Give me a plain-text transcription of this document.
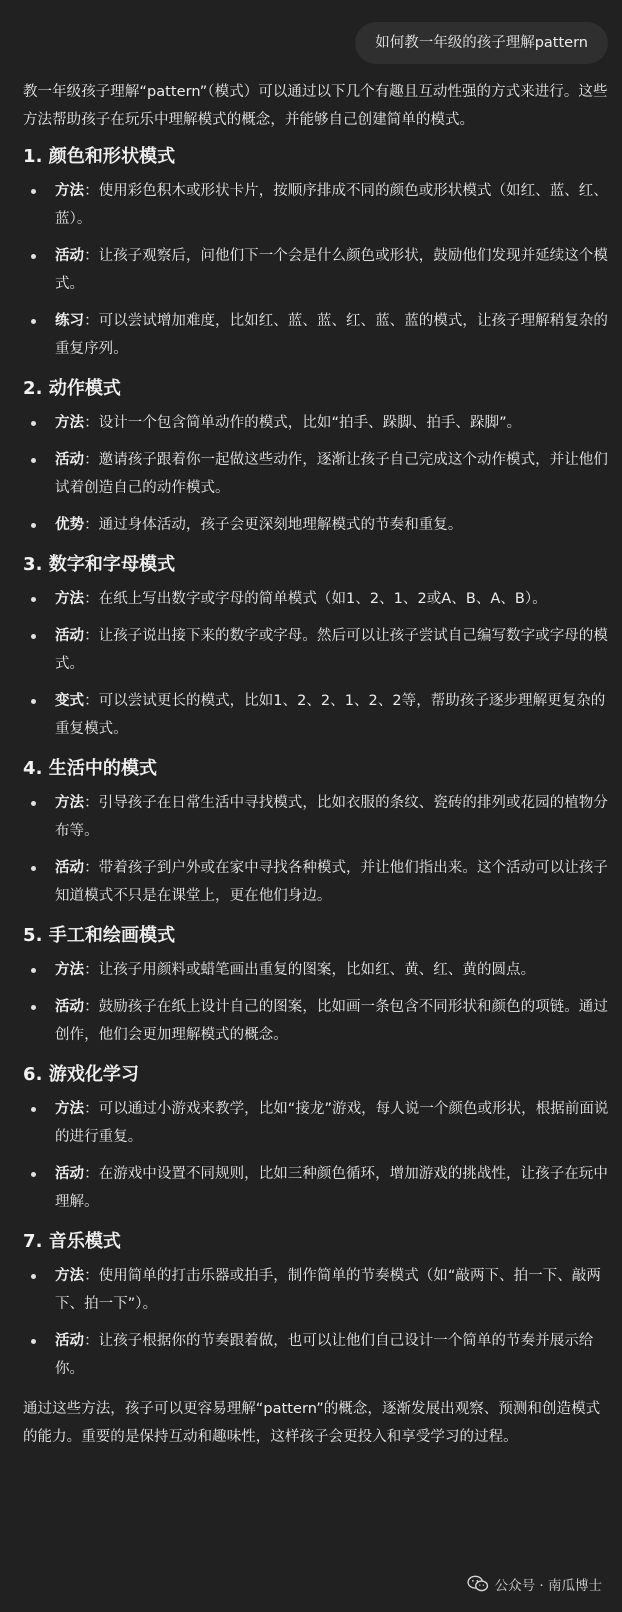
如何教一年级的孩子理解pattern

教一年级孩子理解“pattern”（模式）可以通过以下几个有趣且互动性强的方式来进行。这些方法帮助孩子在玩乐中理解模式的概念，并能够自己创建简单的模式。

1. 颜色和形状模式
方法：使用彩色积木或形状卡片，按顺序排成不同的颜色或形状模式（如红、蓝、红、蓝）。
活动：让孩子观察后，问他们下一个会是什么颜色或形状，鼓励他们发现并延续这个模式。
练习：可以尝试增加难度，比如红、蓝、蓝、红、蓝、蓝的模式，让孩子理解稍复杂的重复序列。
2. 动作模式
方法：设计一个包含简单动作的模式，比如“拍手、跺脚、拍手、跺脚”。
活动：邀请孩子跟着你一起做这些动作，逐渐让孩子自己完成这个动作模式，并让他们试着创造自己的动作模式。
优势：通过身体活动，孩子会更深刻地理解模式的节奏和重复。
3. 数字和字母模式
方法：在纸上写出数字或字母的简单模式（如1、2、1、2或A、B、A、B）。
活动：让孩子说出接下来的数字或字母。然后可以让孩子尝试自己编写数字或字母的模式。
变式：可以尝试更长的模式，比如1、2、2、1、2、2等，帮助孩子逐步理解更复杂的重复模式。
4. 生活中的模式
方法：引导孩子在日常生活中寻找模式，比如衣服的条纹、瓷砖的排列或花园的植物分布等。
活动：带着孩子到户外或在家中寻找各种模式，并让他们指出来。这个活动可以让孩子知道模式不只是在课堂上，更在他们身边。
5. 手工和绘画模式
方法：让孩子用颜料或蜡笔画出重复的图案，比如红、黄、红、黄的圆点。
活动：鼓励孩子在纸上设计自己的图案，比如画一条包含不同形状和颜色的项链。通过创作，他们会更加理解模式的概念。
6. 游戏化学习
方法：可以通过小游戏来教学，比如“接龙”游戏，每人说一个颜色或形状，根据前面说的进行重复。
活动：在游戏中设置不同规则，比如三种颜色循环，增加游戏的挑战性，让孩子在玩中理解。
7. 音乐模式
方法：使用简单的打击乐器或拍手，制作简单的节奏模式（如“敲两下、拍一下、敲两下、拍一下”）。
活动：让孩子根据你的节奏跟着做，也可以让他们自己设计一个简单的节奏并展示给你。

通过这些方法，孩子可以更容易理解“pattern”的概念，逐渐发展出观察、预测和创造模式的能力。重要的是保持互动和趣味性，这样孩子会更投入和享受学习的过程。

公众号 · 南瓜博士
